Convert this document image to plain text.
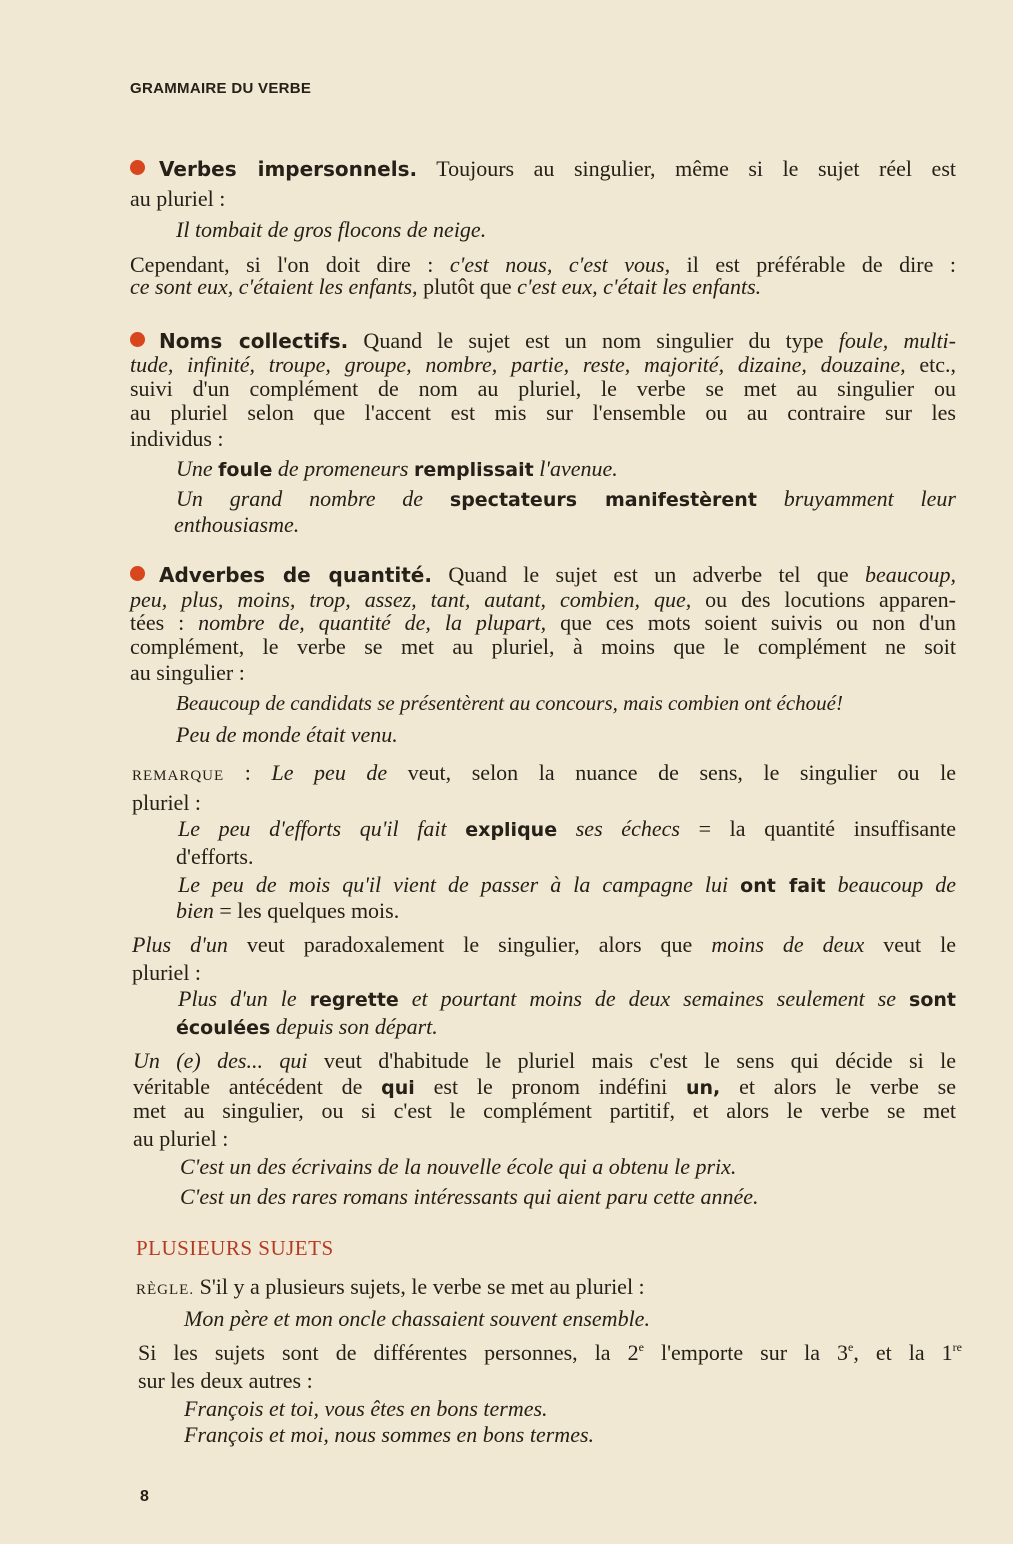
GRAMMAIRE DU VERBE
Verbes impersonnels. Toujours au singulier, même si le sujet réel est
au pluriel :
Il tombait de gros flocons de neige.
Cependant, si l'on doit dire : c'est nous, c'est vous, il est préférable de dire :
ce sont eux, c'étaient les enfants, plutôt que c'est eux, c'était les enfants.
Noms collectifs. Quand le sujet est un nom singulier du type foule, multi-
tude, infinité, troupe, groupe, nombre, partie, reste, majorité, dizaine, douzaine, etc.,
suivi d'un complément de nom au pluriel, le verbe se met au singulier ou
au pluriel selon que l'accent est mis sur l'ensemble ou au contraire sur les
individus :
Une foule de promeneurs remplissait l'avenue.
Un grand nombre de spectateurs manifestèrent bruyamment leur
enthousiasme.
Adverbes de quantité. Quand le sujet est un adverbe tel que beaucoup,
peu, plus, moins, trop, assez, tant, autant, combien, que, ou des locutions apparen-
tées : nombre de, quantité de, la plupart, que ces mots soient suivis ou non d'un
complément, le verbe se met au pluriel, à moins que le complément ne soit
au singulier :
Beaucoup de candidats se présentèrent au concours, mais combien ont échoué!
Peu de monde était venu.
REMARQUE : Le peu de veut, selon la nuance de sens, le singulier ou le
pluriel :
Le peu d'efforts qu'il fait explique ses échecs = la quantité insuffisante
d'efforts.
Le peu de mois qu'il vient de passer à la campagne lui ont fait beaucoup de
bien = les quelques mois.
Plus d'un veut paradoxalement le singulier, alors que moins de deux veut le
pluriel :
Plus d'un le regrette et pourtant moins de deux semaines seulement se sont
écoulées depuis son départ.
Un (e) des... qui veut d'habitude le pluriel mais c'est le sens qui décide si le
véritable antécédent de qui est le pronom indéfini un, et alors le verbe se
met au singulier, ou si c'est le complément partitif, et alors le verbe se met
au pluriel :
C'est un des écrivains de la nouvelle école qui a obtenu le prix.
C'est un des rares romans intéressants qui aient paru cette année.
PLUSIEURS SUJETS
RÈGLE. S'il y a plusieurs sujets, le verbe se met au pluriel :
Mon père et mon oncle chassaient souvent ensemble.
Si les sujets sont de différentes personnes, la 2e l'emporte sur la 3e, et la 1re
sur les deux autres :
François et toi, vous êtes en bons termes.
François et moi, nous sommes en bons termes.
8
